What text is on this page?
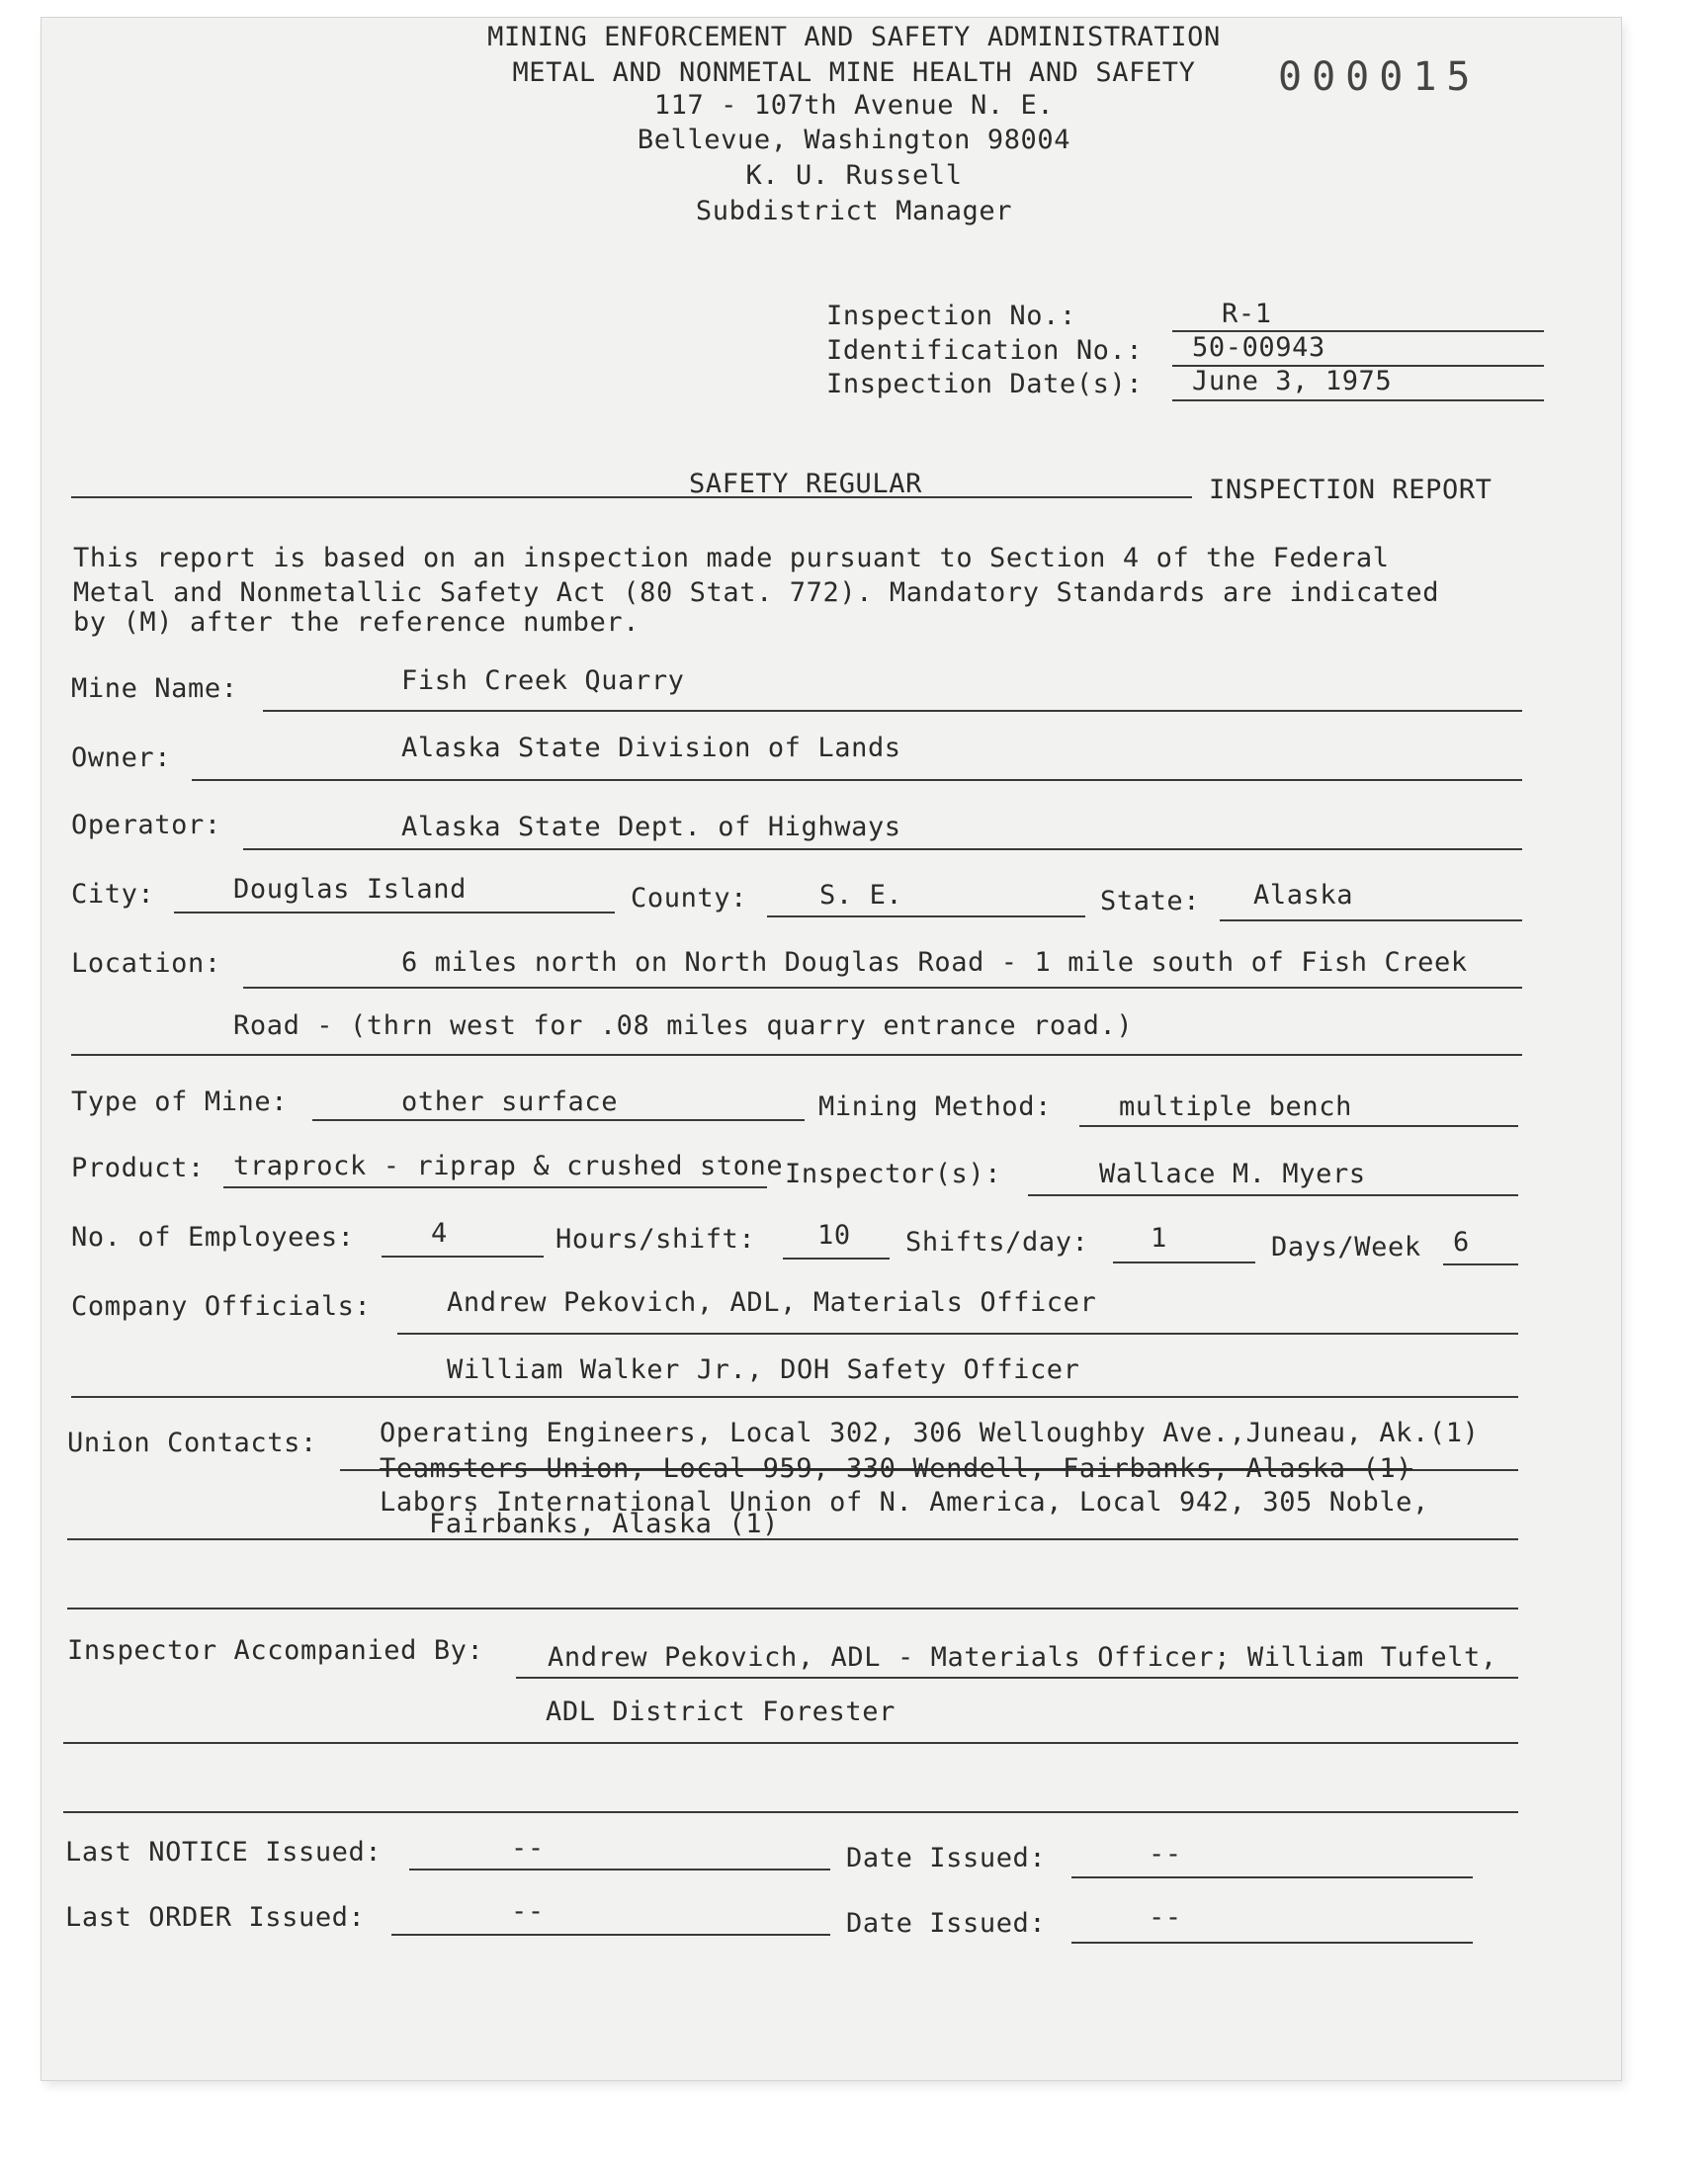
MINING ENFORCEMENT AND SAFETY ADMINISTRATION
METAL AND NONMETAL MINE HEALTH AND SAFETY
117 - 107th Avenue N. E.
Bellevue, Washington 98004
K. U. Russell
Subdistrict Manager
000015
Inspection No.:	R-1
Identification No.: 50-00943
Inspection Date(s): June 3, 1975
SAFETY REGULAR	INSPECTION REPORT
This report is based on an inspection made pursuant to Section 4 of the Federal
Metal and Nonmetallic Safety Act (80 Stat. 772). Mandatory Standards are indicated
by (M) after the reference number.
Mine Name:	Fish Creek Quarry
Owner:	Alaska State Division of Lands
Operator:	Alaska State Dept. of Highways
City:	Douglas Island	County:	S. E.	State: Alaska
Location:	6 miles north on North Douglas Road - 1 mile south of Fish Creek
Road - (thrn west for .08 miles quarry entrance road.)
Type of Mine:	other surface	Mining Method:	multiple bench
Product: traprock - riprap & crushed stone Inspector(s):	Wallace M. Myers
No. of Employees:	4	Hours/shift: 10 Shifts/day: 1	Days/Week 6
Company Officials:	Andrew Pekovich, ADL, Materials Officer
William Walker Jr., DOH Safety Officer
Union Contacts: Operating Engineers, Local 302, 306 Welloughby Ave.,Juneau, Ak.(1)
Teamsters Union, Local 959, 330 Wendell, Fairbanks, Alaska (1)
Labors International Union of N. America, Local 942, 305 Noble,
Fairbanks, Alaska (1)
Inspector Accompanied By: Andrew Pekovich, ADL - Materials Officer; William Tufelt,
ADL District Forester
Last NOTICE Issued:	--	Date Issued:	--
Last ORDER Issued:	--	Date Issued:	--
